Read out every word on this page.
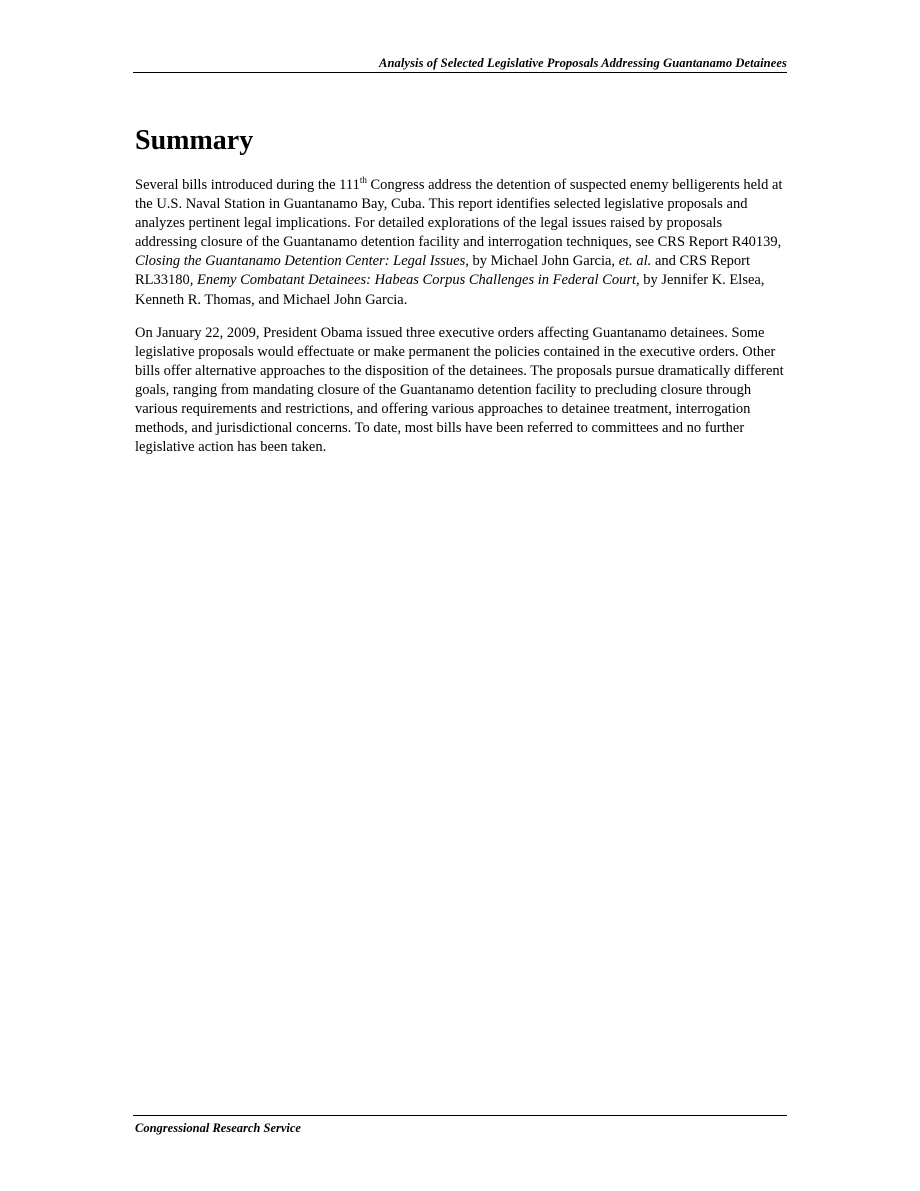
Analysis of Selected Legislative Proposals Addressing Guantanamo Detainees
Summary

Several bills introduced during the 111th Congress address the detention of suspected enemy belligerents held at the U.S. Naval Station in Guantanamo Bay, Cuba. This report identifies selected legislative proposals and analyzes pertinent legal implications. For detailed explorations of the legal issues raised by proposals addressing closure of the Guantanamo detention facility and interrogation techniques, see CRS Report R40139, Closing the Guantanamo Detention Center: Legal Issues, by Michael John Garcia, et. al. and CRS Report RL33180, Enemy Combatant Detainees: Habeas Corpus Challenges in Federal Court, by Jennifer K. Elsea, Kenneth R. Thomas, and Michael John Garcia.

On January 22, 2009, President Obama issued three executive orders affecting Guantanamo detainees. Some legislative proposals would effectuate or make permanent the policies contained in the executive orders. Other bills offer alternative approaches to the disposition of the detainees. The proposals pursue dramatically different goals, ranging from mandating closure of the Guantanamo detention facility to precluding closure through various requirements and restrictions, and offering various approaches to detainee treatment, interrogation methods, and jurisdictional concerns. To date, most bills have been referred to committees and no further legislative action has been taken.

Congressional Research Service
